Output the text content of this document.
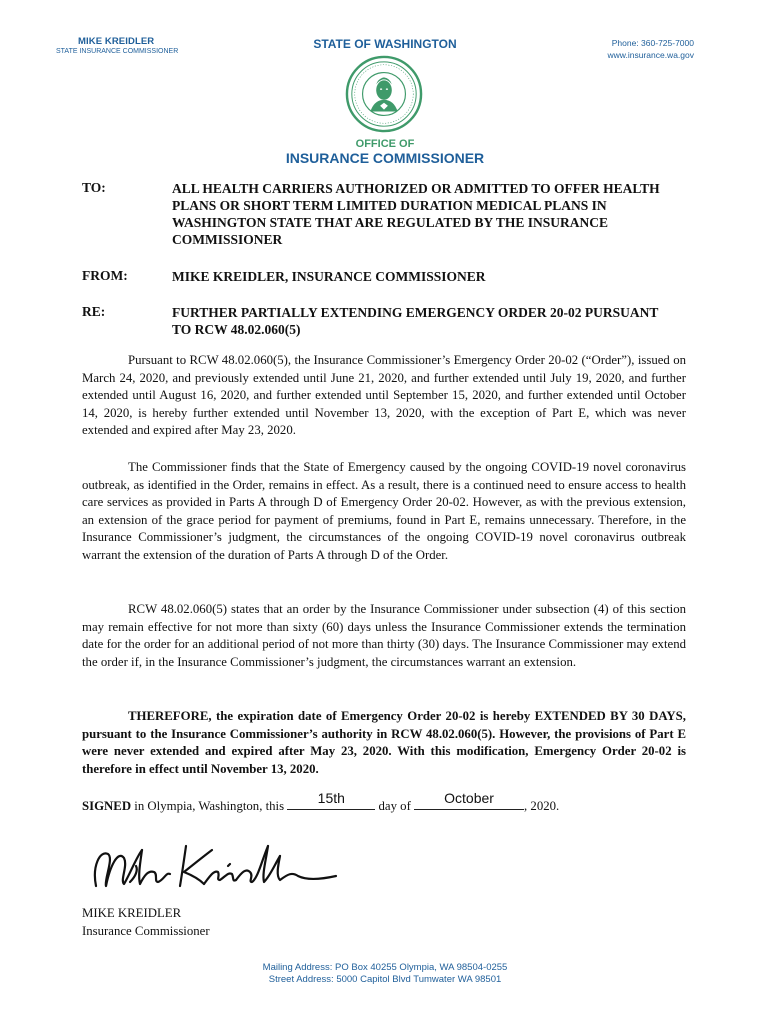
MIKE KREIDLER
STATE INSURANCE COMMISSIONER
STATE OF WASHINGTON	Phone: 360-725-7000
www.insurance.wa.gov
OFFICE OF
INSURANCE COMMISSIONER
TO:	ALL HEALTH CARRIERS AUTHORIZED OR ADMITTED TO OFFER HEALTH PLANS OR SHORT TERM LIMITED DURATION MEDICAL PLANS IN WASHINGTON STATE THAT ARE REGULATED BY THE INSURANCE COMMISSIONER
FROM:	MIKE KREIDLER, INSURANCE COMMISSIONER
RE:	FURTHER PARTIALLY EXTENDING EMERGENCY ORDER 20-02 PURSUANT TO RCW 48.02.060(5)
Pursuant to RCW 48.02.060(5), the Insurance Commissioner’s Emergency Order 20-02 (“Order”), issued on March 24, 2020, and previously extended until June 21, 2020, and further extended until July 19, 2020, and further extended until August 16, 2020, and further extended until September 15, 2020, and further extended until October 14, 2020, is hereby further extended until November 13, 2020, with the exception of Part E, which was never extended and expired after May 23, 2020.
The Commissioner finds that the State of Emergency caused by the ongoing COVID-19 novel coronavirus outbreak, as identified in the Order, remains in effect. As a result, there is a continued need to ensure access to health care services as provided in Parts A through D of Emergency Order 20-02. However, as with the previous extension, an extension of the grace period for payment of premiums, found in Part E, remains unnecessary. Therefore, in the Insurance Commissioner’s judgment, the circumstances of the ongoing COVID-19 novel coronavirus outbreak warrant the extension of the duration of Parts A through D of the Order.
RCW 48.02.060(5) states that an order by the Insurance Commissioner under subsection (4) of this section may remain effective for not more than sixty (60) days unless the Insurance Commissioner extends the termination date for the order for an additional period of not more than thirty (30) days. The Insurance Commissioner may extend the order if, in the Insurance Commissioner’s judgment, the circumstances warrant an extension.
THEREFORE, the expiration date of Emergency Order 20-02 is hereby EXTENDED BY 30 DAYS, pursuant to the Insurance Commissioner’s authority in RCW 48.02.060(5). However, the provisions of Part E were never extended and expired after May 23, 2020. With this modification, Emergency Order 20-02 is therefore in effect until November 13, 2020.
SIGNED in Olympia, Washington, this	15th	day of	October	, 2020.
MIKE KREIDLER
Insurance Commissioner
Mailing Address: PO Box 40255 Olympia, WA 98504-0255
Street Address: 5000 Capitol Blvd Tumwater WA 98501
